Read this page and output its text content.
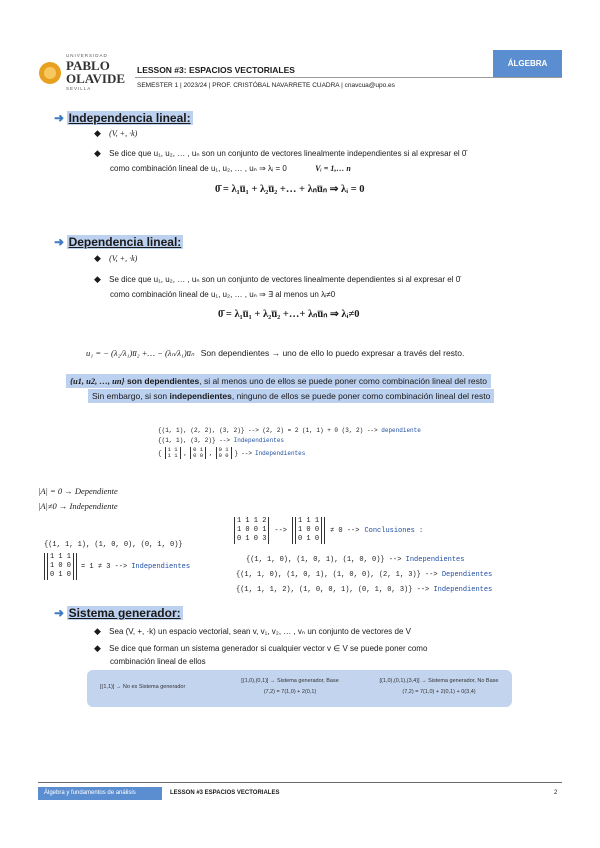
UNIVERSIDAD
PABLO
OLAVIDE
SEVILLA
LESSON #3: ESPACIOS VECTORIALES
SEMESTER 1 | 2023/24 | PROF. CRISTÓBAL NAVARRETE CUADRA | cnavcua@upo.es
ÁLGEBRA
➜ Independencia lineal:
◆ (V, +, ·k)
◆ Se dice que u₁, u₂, … , uₙ son un conjunto de vectores linealmente independientes si al expresar el 0̄
como combinación lineal de u₁, u₂, … , uₙ ⇒ λᵢ = 0	Vᵢ = 1,… n
0̄ = λ₁u̅₁ + λ₂u̅₂ +… + λₙu̅ₙ ⇒ λᵢ = 0
➜ Dependencia lineal:
◆ (V, +, ·k)
◆ Se dice que u₁, u₂, … , uₙ son un conjunto de vectores linealmente dependientes si al expresar el 0̄
como combinación lineal de u₁, u₂, … , uₙ ⇒ ∃ al menos un λᵢ≠0
0̄ = λ₁u̅₁ + λ₂u̅₂ +…+ λₙu̅ₙ ⇒ λᵢ≠0
u₁ = − (λ₂/λ₁)u̅₂ +… − (λₙ/λ₁)u̅ₙ Son dependientes → uno de ello lo puedo expresar a través del resto.
{u1, u2, …, un} son dependientes, si al menos uno de ellos se puede poner como combinación lineal del resto
Sin embargo, si son independientes, ninguno de ellos se puede poner como combinación lineal del resto
{(1, 1), (2, 2), (3, 2)} --> (2, 2) = 2 (1, 1) + 0 (3, 2) --> dependiente
{(1, 1), (3, 2)} --> Independientes
{	1 1
1 1	,	0 1
0 0	,	0 1
0 0	} --> Independientes
|A| = 0 → Dependiente
|A|≠0 → Independiente
{(1, 1, 1), (1, 0, 0), (0, 1, 0)}
1 1 1
1 0 0
0 1 0
= 1 ≠ 3 --> Independientes
1 1 1 2
1 0 0 1
0 1 0 3
-->
1 1 1
1 0 0
0 1 0
≠ 0 --> Conclusiones :
{(1, 1, 0), (1, 0, 1), (1, 0, 0)} --> Independientes
{(1, 1, 0), (1, 0, 1), (1, 0, 0), (2, 1, 3)} --> Dependientes
{(1, 1, 1, 2), (1, 0, 0, 1), (0, 1, 0, 3)} --> Independientes
➜ Sistema generador:
◆ Sea (V, +, ·k) un espacio vectorial, sean v, v₁, v₂, … , vₙ un conjunto de vectores de V
◆ Se dice que forman un sistema generador si cualquier vector v ∈ V se puede poner como
combinación lineal de ellos
[(1,1)] → No es Sistema generador
[(1,0),(0,1)] → Sistema generador, Base
(7,2) = 7(1,0) + 2(0,1)
[(1,0),(0,1),(3,4)] → Sistema generador, No Base
(7,2) = 7(1,0) + 2(0,1) + 0(3,4)
Álgebra y fundamentos de análisis	LESSON #3 ESPACIOS VECTORIALES	2
